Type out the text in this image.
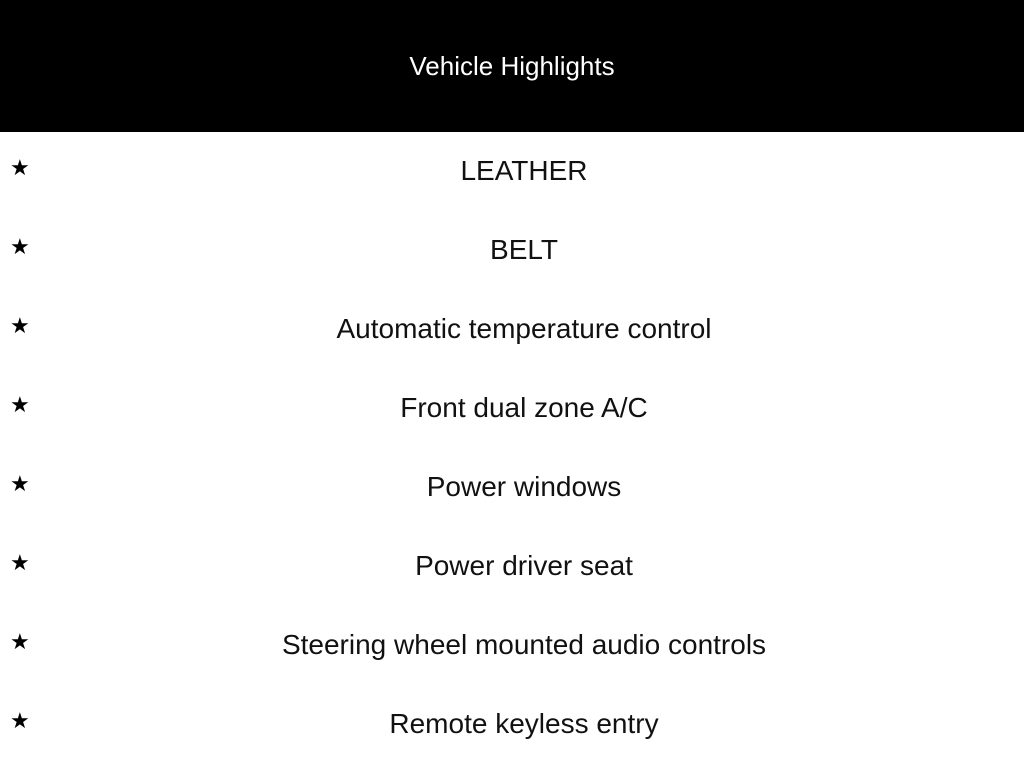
Vehicle Highlights
★	LEATHER
★	BELT
★	Automatic temperature control
★	Front dual zone A/C
★	Power windows
★	Power driver seat
★	Steering wheel mounted audio controls
★	Remote keyless entry
